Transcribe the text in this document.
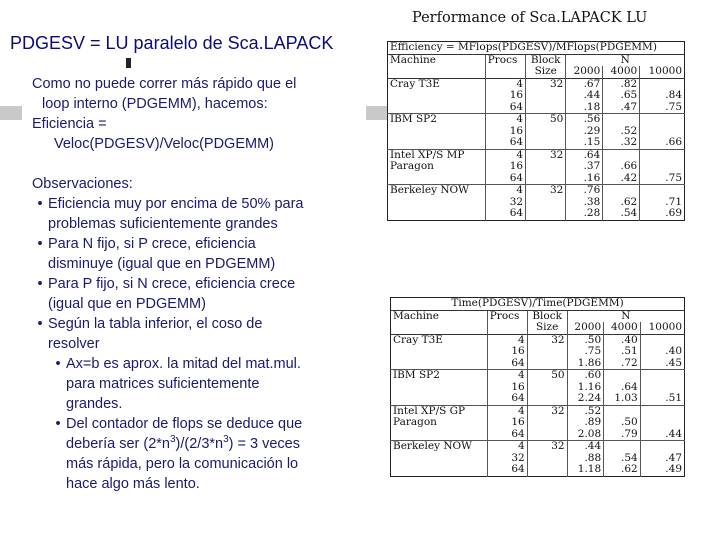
PDGESV = LU paralelo de Sca.LAPACK

Como no puede correr más rápido que el

loop interno (PDGEMM), hacemos:

Eficiencia =

Veloc(PDGESV)/Veloc(PDGEMM)

Observaciones:

• Eficiencia muy por encima de 50% para
problemas suficientemente grandes
• Para N fijo, si P crece, eficiencia
disminuye (igual que en PDGEMM)
• Para P fijo, si N crece, eficiencia crece
(igual que en PDGEMM)
• Según la tabla inferior, el coso de
resolver
• Ax=b es aprox. la mitad del mat.mul.
para matrices suficientemente
grandes.
• Del contador de flops se deduce que
debería ser $(2*n^3)/(2/3*n^3) = 3$ veces
más rápida, pero la comunicación lo
hace algo más lento.
Performance of Sca.LAPACK LU
Efficiency = MFlops(PDGESV)/MFlops(PDGEMM)					
Machine	Procs	Block	N		
		Size	2000	4000	10000
Cray T3E	4	32	.67	.82	
	16		.44	.65	.84
	64		.18	.47	.75
IBM SP2	4	50	.56		
	16		.29	.52	
	64		.15	.32	.66
Intel XP/S MP	4	32	.64		
Paragon	16		.37	.66	
	64		.16	.42	.75
Berkeley NOW	4	32	.76		
	32		.38	.62	.71
	64		.28	.54	.69
Time(PDGESV)/Time(PDGEMM)					
Machine	Procs	Block	N		
		Size	2000	4000	10000
Cray T3E	4	32	.50	.40	
	16		.75	.51	.40
	64		1.86	.72	.45
IBM SP2	4	50	.60		
	16		1.16	.64	
	64		2.24	1.03	.51
Intel XP/S GP	4	32	.52		
Paragon	16		.89	.50	
	64		2.08	.79	.44
Berkeley NOW	4	32	.44		
	32		.88	.54	.47
	64		1.18	.62	.49
